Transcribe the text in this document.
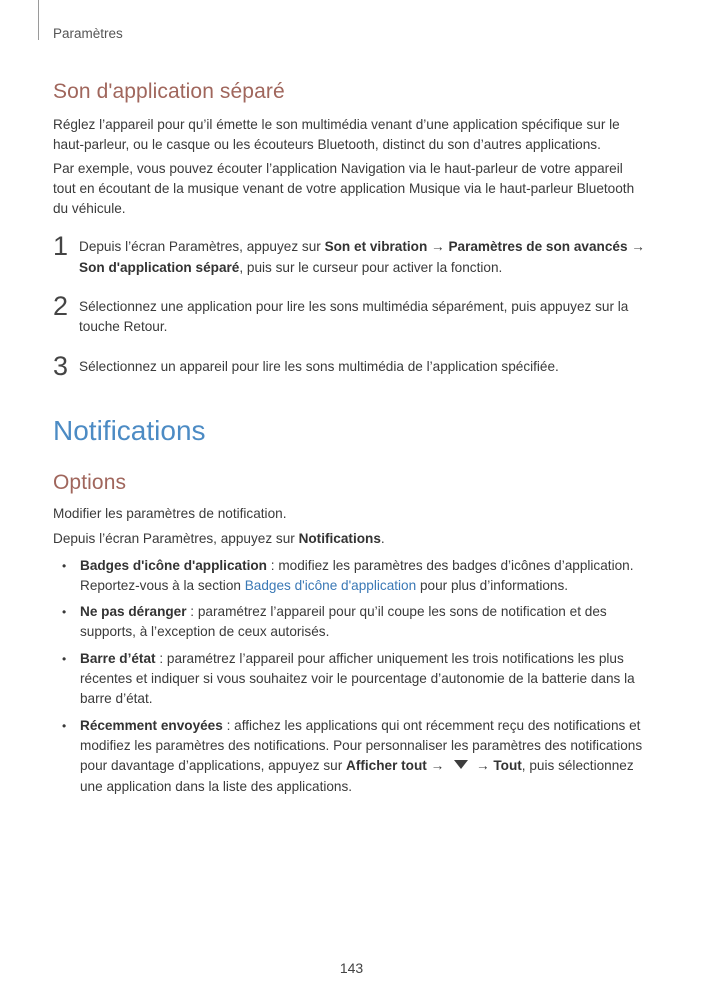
Paramètres
Son d'application séparé

Réglez l’appareil pour qu’il émette le son multimédia venant d’une application spécifique sur le haut-parleur, ou le casque ou les écouteurs Bluetooth, distinct du son d’autres applications.

Par exemple, vous pouvez écouter l’application Navigation via le haut-parleur de votre appareil tout en écoutant de la musique venant de votre application Musique via le haut-parleur Bluetooth du véhicule.

1 Depuis l’écran Paramètres, appuyez sur Son et vibration → Paramètres de son avancés → Son d'application séparé, puis sur le curseur pour activer la fonction.
2 Sélectionnez une application pour lire les sons multimédia séparément, puis appuyez sur la touche Retour.
3 Sélectionnez un appareil pour lire les sons multimédia de l’application spécifiée.
Notifications
Options

Modifier les paramètres de notification.

Depuis l’écran Paramètres, appuyez sur Notifications.

• Badges d'icône d'application : modifiez les paramètres des badges d’icônes d’application. Reportez-vous à la section Badges d'icône d'application pour plus d’informations.
• Ne pas déranger : paramétrez l’appareil pour qu’il coupe les sons de notification et des supports, à l’exception de ceux autorisés.
• Barre d’état : paramétrez l’appareil pour afficher uniquement les trois notifications les plus récentes et indiquer si vous souhaitez voir le pourcentage d’autonomie de la batterie dans la barre d’état.
• Récemment envoyées : affichez les applications qui ont récemment reçu des notifications et modifiez les paramètres des notifications. Pour personnaliser les paramètres des notifications pour davantage d’applications, appuyez sur Afficher tout → → Tout, puis sélectionnez une application dans la liste des applications.
143
